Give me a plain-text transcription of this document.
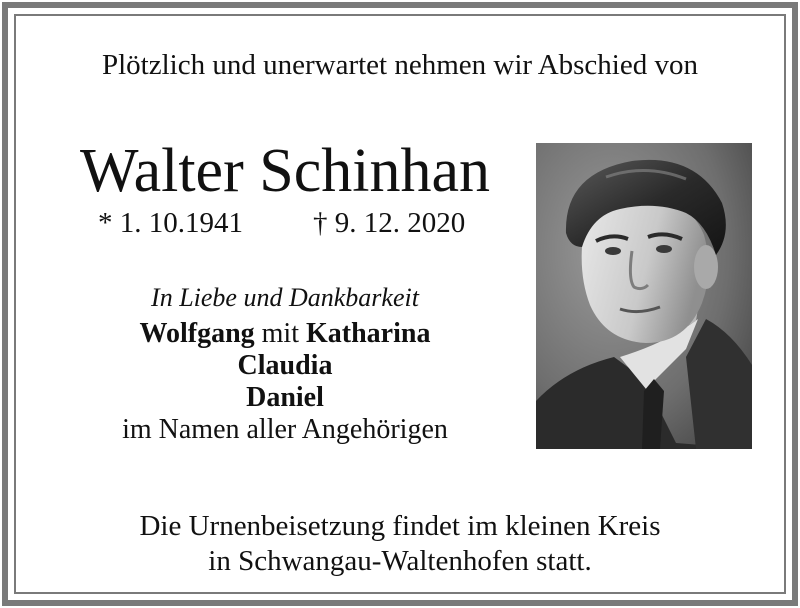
Plötzlich und unerwartet nehmen wir Abschied von
Walter Schinhan
* 1. 10.1941 † 9. 12. 2020
In Liebe und Dankbarkeit
Wolfgang mit Katharina
Claudia
Daniel
im Namen aller Angehörigen
Die Urnenbeisetzung findet im kleinen Kreis
in Schwangau-Waltenhofen statt.
